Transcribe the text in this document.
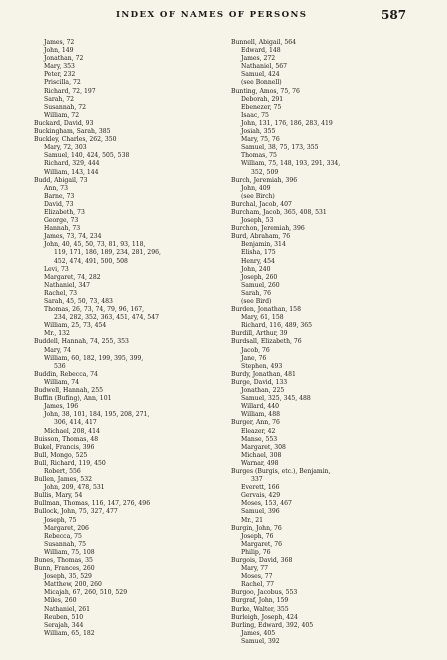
INDEX OF NAMES OF PERSONS	587
James, 72
John, 149
Jonathan, 72
Mary, 353
Peter, 232
Priscilla, 72
Richard, 72, 197
Sarah, 72
Susannah, 72
William, 72
Buckard, David, 93
Buckingham, Sarah, 385
Buckley, Charles, 262, 350
Mary, 72, 303
Samuel, 140, 424, 505, 538
Richard, 329, 444
William, 143, 144
Budd, Abigail, 73
Ann, 73
Barne, 73
David, 73
Elizabeth, 73
George, 73
Hannah, 73
James, 73, 74, 234
John, 40, 45, 50, 73, 81, 93, 118,
119, 171, 186, 189, 234, 281, 296,
452, 474, 491, 500, 508
Levi, 73
Margaret, 74, 282
Nathaniel, 347
Rachel, 73
Sarah, 45, 50, 73, 483
Thomas, 26, 73, 74, 79, 96, 167,
234, 282, 352, 363, 451, 474, 547
William, 25, 73, 454
Mr., 132
Buddell, Hannah, 74, 255, 353
Mary, 74
William, 60, 182, 199, 395, 399,
536
Buddin, Rebecca, 74
William, 74
Budwell, Hannah, 255
Buffin (Bufing), Ann, 101
James, 196
John, 38, 101, 184, 195, 208, 271,
306, 414, 417
Michael, 208, 414
Buisson, Thomas, 48
Bukel, Francis, 396
Bull, Mongo, 525
Bull, Richard, 119, 450
Robert, 556
Bullen, James, 532
John, 209, 478, 531
Bullis, Mary, 54
Bullman, Thomas, 116, 147, 276, 496
Bullock, John, 75, 327, 477
Joseph, 75
Margaret, 206
Rebecca, 75
Susannah, 75
William, 75, 108
Bunes, Thomas, 35
Bunn, Frances, 260
Joseph, 35, 529
Matthew, 200, 260
Micajah, 67, 260, 510, 529
Miles, 260
Nathaniel, 261
Reuben, 510
Serajah, 344
William, 65, 182
Bunnell, Abigail, 564
Edward, 148
James, 272
Nathaniel, 567
Samuel, 424
(see Bonnell)
Bunting, Amos, 75, 76
Deborah, 291
Ebenezer, 75
Isaac, 75
John, 131, 176, 186, 283, 419
Josiah, 355
Mary, 75, 76
Samuel, 38, 75, 173, 355
Thomas, 75
William, 75, 148, 193, 291, 334,
352, 509
Burch, Jeremiah, 396
John, 409
(see Birch)
Burchal, Jacob, 407
Burcham, Jacob, 365, 408, 531
Joseph, 53
Burchon, Jeremiah, 396
Burd, Abraham, 76
Benjamin, 314
Elisha, 175
Henry, 454
John, 240
Joseph, 260
Samuel, 260
Sarah, 76
(see Bird)
Burden, Jonathan, 158
Mary, 61, 158
Richard, 116, 489, 365
Burdill, Arthur, 39
Burdsall, Elizabeth, 76
Jacob, 76
Jane, 76
Stephen, 493
Burdy, Jonathan, 481
Burge, David, 133
Jonathan, 225
Samuel, 325, 345, 488
Willard, 440
William, 488
Burger, Ann, 76
Eleazer, 42
Manse, 553
Margaret, 308
Michael, 308
Warnar, 498
Burges (Burgis, etc.), Benjamin,
337
Everett, 166
Gervais, 429
Moses, 153, 467
Samuel, 396
Mr., 21
Burgin, John, 76
Joseph, 76
Margaret, 76
Philip, 76
Burgois, David, 368
Mary, 77
Moses, 77
Rachel, 77
Burgoo, Jacobus, 553
Burgraf, John, 159
Burke, Walter, 355
Burleigh, Joseph, 424
Burling, Edward, 392, 405
James, 405
Samuel, 392
